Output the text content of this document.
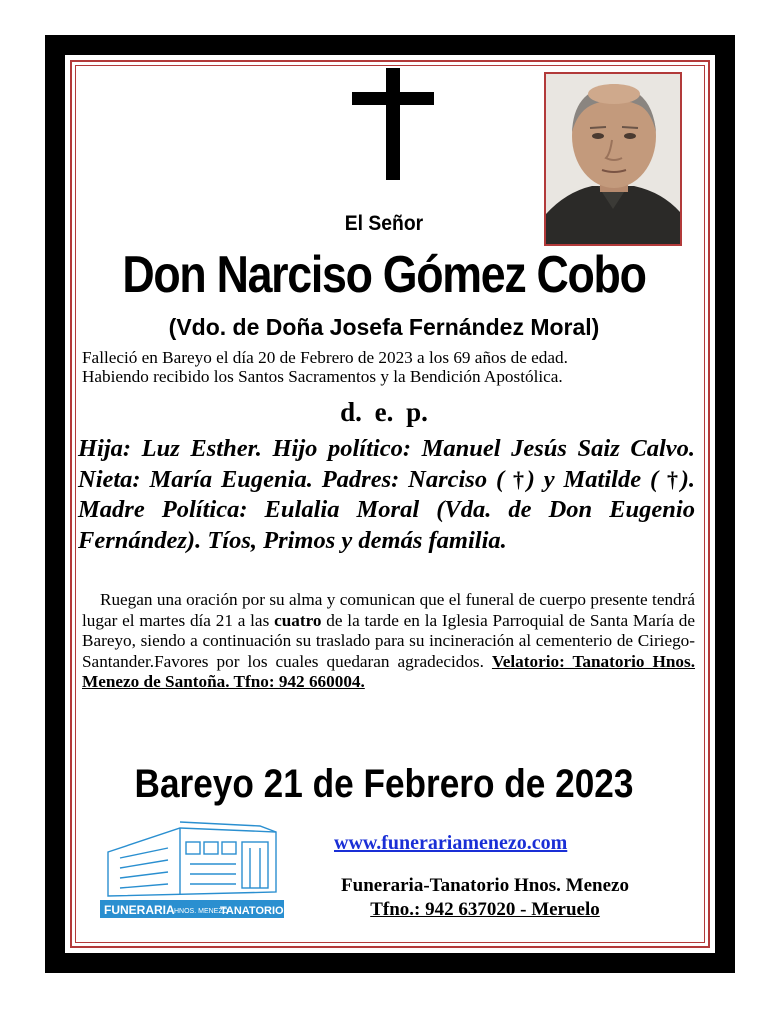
El Señor
Don Narciso Gómez Cobo
(Vdo. de Doña Josefa Fernández Moral)
Falleció en Bareyo el día 20 de Febrero de 2023 a los 69 años de edad.
Habiendo recibido los Santos Sacramentos y la Bendición Apostólica.
d. e. p.
Hija: Luz Esther. Hijo político: Manuel Jesús Saiz Calvo. Nieta: María Eugenia. Padres: Narciso ( †) y Matilde ( †). Madre Política: Eulalia Moral (Vda. de Don Eugenio Fernández). Tíos, Primos y demás familia.
Ruegan una oración por su alma y comunican que el funeral de cuerpo presente tendrá lugar el martes día 21 a las cuatro de la tarde en la Iglesia Parroquial de Santa María de Bareyo, siendo a continuación su traslado para su incineración al cementerio de Ciriego-Santander.Favores por los cuales quedaran agradecidos. Velatorio: Tanatorio Hnos. Menezo de Santoña. Tfno: 942 660004.
Bareyo 21 de Febrero de 2023
FUNERARIA HNOS. MENEZO
TANATORIO
www.funerariamenezo.com
Funeraria-Tanatorio Hnos. Menezo
Tfno.: 942 637020 - Meruelo
